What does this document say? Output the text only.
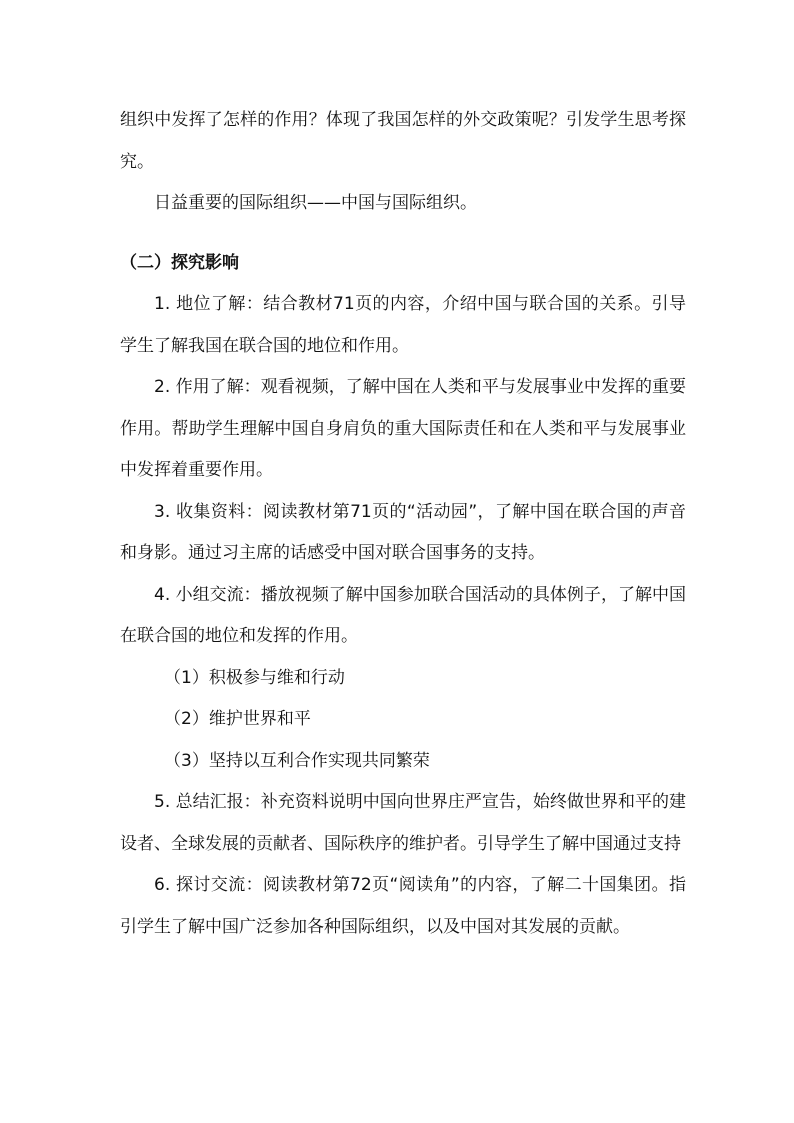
组织中发挥了怎样的作用？体现了我国怎样的外交政策呢？引发学生思考探究。

日益重要的国际组织——中国与国际组织。

（二）探究影响

1. 地位了解：结合教材71页的内容，介绍中国与联合国的关系。引导学生了解我国在联合国的地位和作用。

2. 作用了解：观看视频，了解中国在人类和平与发展事业中发挥的重要作用。帮助学生理解中国自身肩负的重大国际责任和在人类和平与发展事业中发挥着重要作用。

3. 收集资料：阅读教材第71页的“活动园”，了解中国在联合国的声音和身影。通过习主席的话感受中国对联合国事务的支持。

4. 小组交流：播放视频了解中国参加联合国活动的具体例子，了解中国在联合国的地位和发挥的作用。

（1）积极参与维和行动

（2）维护世界和平

（3）坚持以互利合作实现共同繁荣

5. 总结汇报：补充资料说明中国向世界庄严宣告，始终做世界和平的建设者、全球发展的贡献者、国际秩序的维护者。引导学生了解中国通过支持

6. 探讨交流：阅读教材第72页“阅读角”的内容，了解二十国集团。指引学生了解中国广泛参加各种国际组织，以及中国对其发展的贡献。
